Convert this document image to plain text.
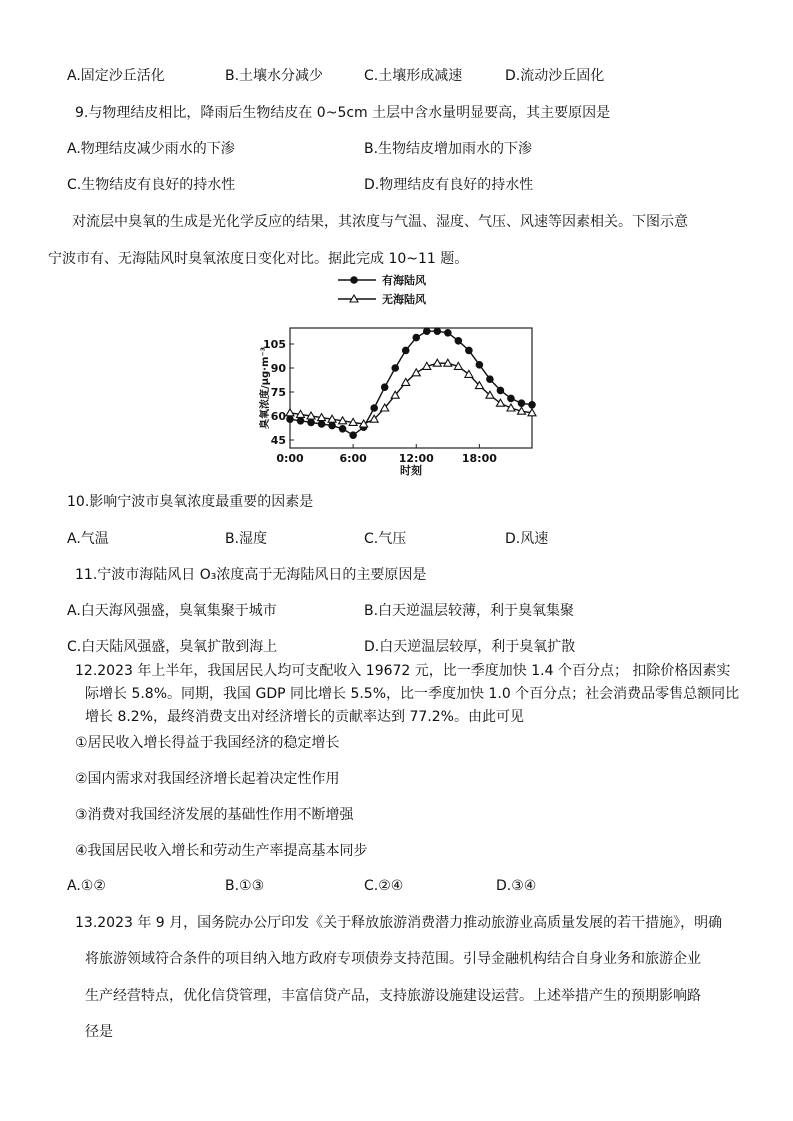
A.固定沙丘活化	B.土壤水分减少	C.土壤形成减速	D.流动沙丘固化
9.与物理结皮相比，降雨后生物结皮在 0~5cm 土层中含水量明显要高，其主要原因是
A.物理结皮减少雨水的下渗	B.生物结皮增加雨水的下渗
C.生物结皮有良好的持水性	D.物理结皮有良好的持水性
对流层中臭氧的生成是光化学反应的结果，其浓度与气温、湿度、气压、风速等因素相关。下图示意
宁波市有、无海陆风时臭氧浓度日变化对比。据此完成 10~11 题。
有海陆风
无海陆风
45
60
75
90
105
0:00	6:00	12:00	18:00
臭氧浓度/μg·m⁻³
时刻
10.影响宁波市臭氧浓度最重要的因素是
A.气温	B.湿度	C.气压	D.风速
11.宁波市海陆风日 O₃浓度高于无海陆风日的主要原因是
A.白天海风强盛，臭氧集聚于城市	B.白天逆温层较薄，利于臭氧集聚
C.白天陆风强盛，臭氧扩散到海上	D.白天逆温层较厚，利于臭氧扩散
12.2023 年上半年，我国居民人均可支配收入 19672 元，比一季度加快 1.4 个百分点； 扣除价格因素实
际增长 5.8%。同期，我国 GDP 同比增长 5.5%，比一季度加快 1.0 个百分点；社会消费品零售总额同比
增长 8.2%，最终消费支出对经济增长的贡献率达到 77.2%。由此可见
①居民收入增长得益于我国经济的稳定增长
②国内需求对我国经济增长起着决定性作用
③消费对我国经济发展的基础性作用不断增强
④我国居民收入增长和劳动生产率提高基本同步
A.①②	B.①③	C.②④	D.③④
13.2023 年 9 月，国务院办公厅印发《关于释放旅游消费潜力推动旅游业高质量发展的若干措施》，明确
将旅游领域符合条件的项目纳入地方政府专项债券支持范围。引导金融机构结合自身业务和旅游企业
生产经营特点，优化信贷管理，丰富信贷产品，支持旅游设施建设运营。上述举措产生的预期影响路
径是
